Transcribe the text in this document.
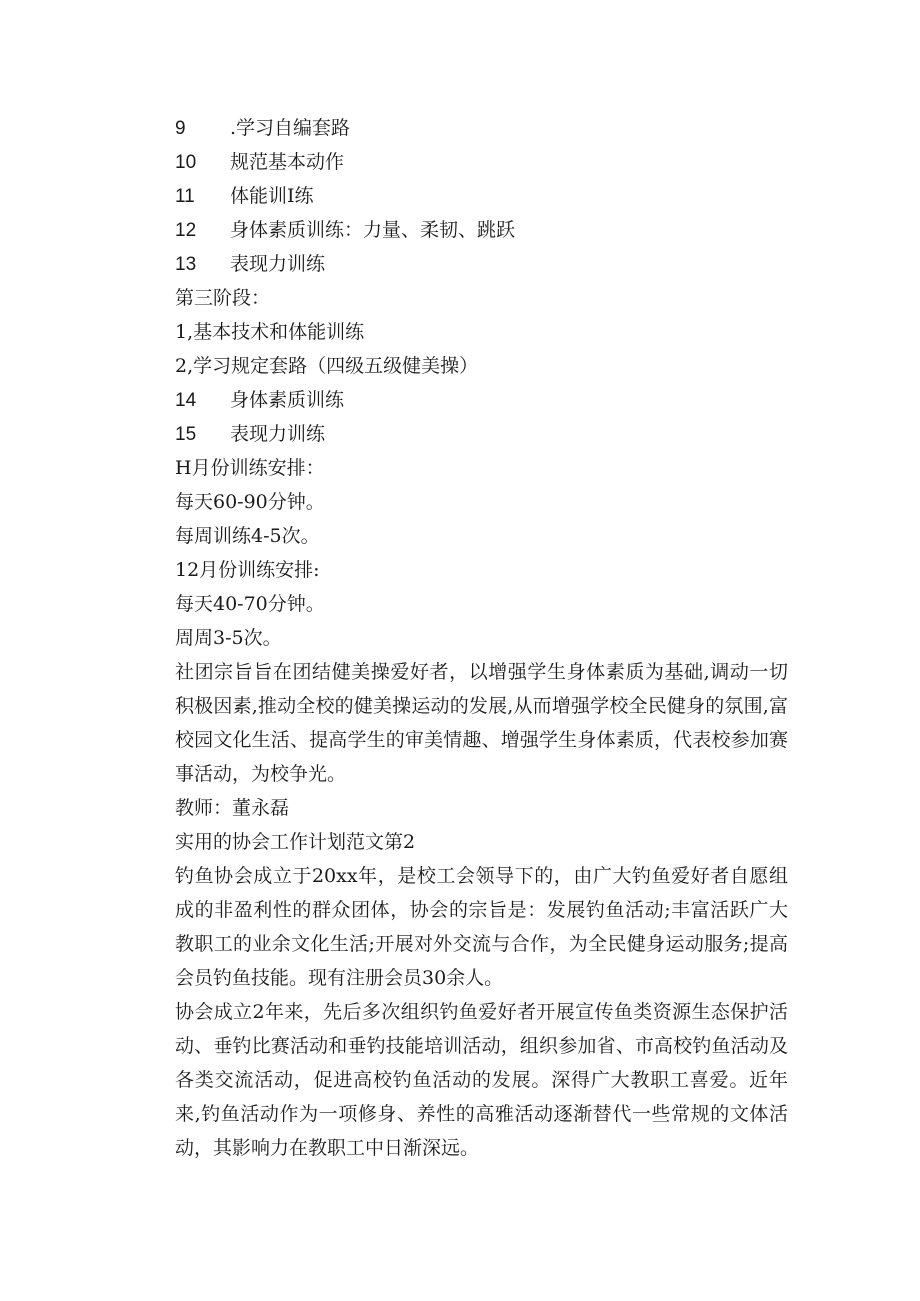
9 .学习自编套路
10 规范基本动作
11 体能训I练
12 身体素质训练：力量、柔韧、跳跃
13 表现力训练
第三阶段：
1,基本技术和体能训练
2,学习规定套路（四级五级健美操）
14 身体素质训练
15 表现力训练
H月份训练安排：
每天60-90分钟。
每周训练4-5次。
12月份训练安排:
每天40-70分钟。
周周3-5次。
社团宗旨旨在团结健美操爱好者，以增强学生身体素质为基础,调动一切积极因素,推动全校的健美操运动的发展,从而增强学校全民健身的氛围,富校园文化生活、提高学生的审美情趣、增强学生身体素质，代表校参加赛事活动，为校争光。
教师：董永磊
实用的协会工作计划范文第2
钓鱼协会成立于20xx年，是校工会领导下的，由广大钓鱼爱好者自愿组成的非盈利性的群众团体，协会的宗旨是：发展钓鱼活动;丰富活跃广大教职工的业余文化生活;开展对外交流与合作，为全民健身运动服务;提高会员钓鱼技能。现有注册会员30余人。
协会成立2年来，先后多次组织钓鱼爱好者开展宣传鱼类资源生态保护活动、垂钓比赛活动和垂钓技能培训活动，组织参加省、市高校钓鱼活动及各类交流活动，促进高校钓鱼活动的发展。深得广大教职工喜爱。近年来,钓鱼活动作为一项修身、养性的高雅活动逐渐替代一些常规的文体活动，其影响力在教职工中日渐深远。
